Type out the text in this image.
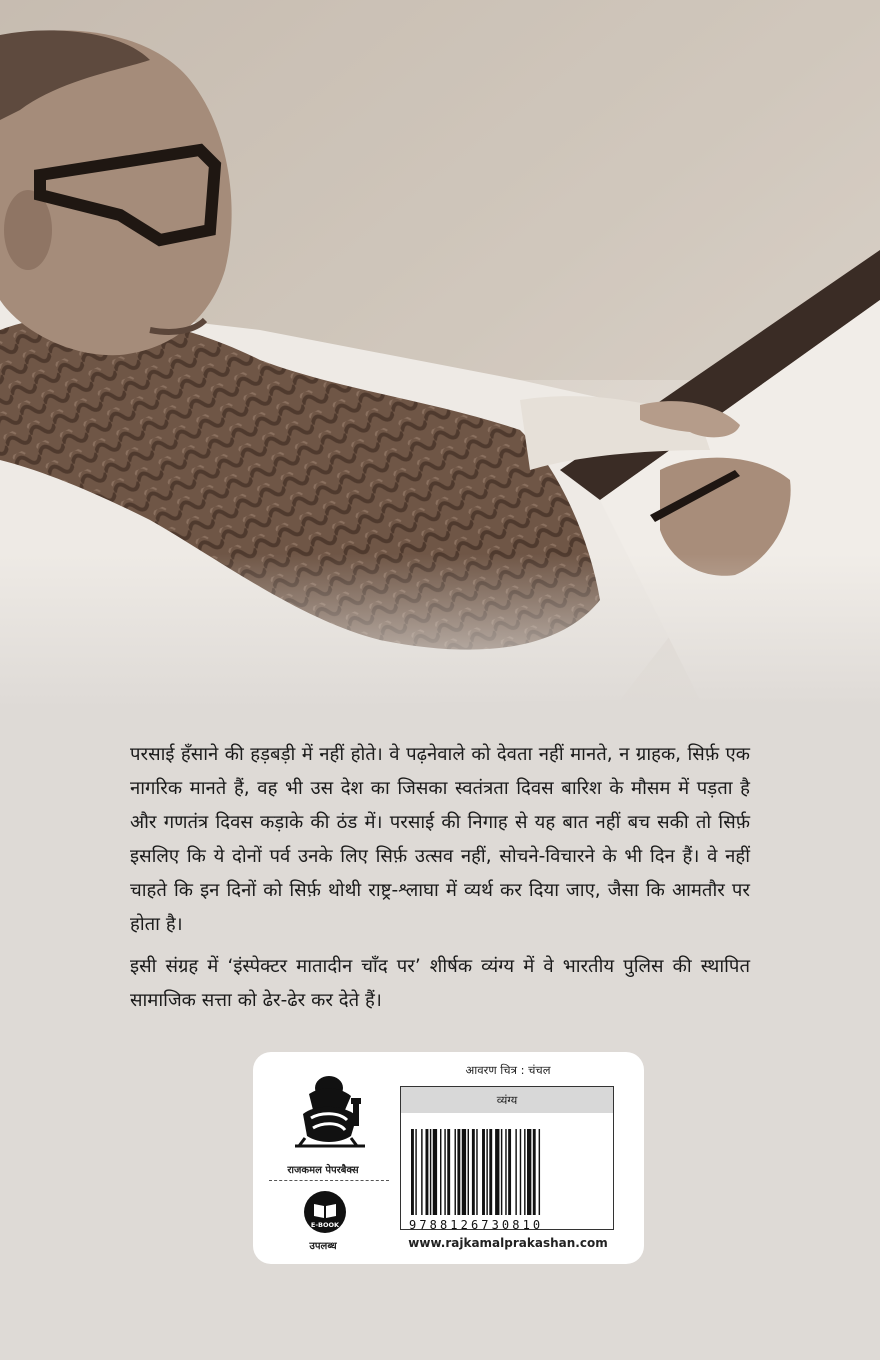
परसाई हँसाने की हड़बड़ी में नहीं होते। वे पढ़नेवाले को देवता नहीं मानते, न ग्राहक, सिर्फ़ एक नागरिक मानते हैं, वह भी उस देश का जिसका स्वतंत्रता दिवस बारिश के मौसम में पड़ता है और गणतंत्र दिवस कड़ाके की ठंड में। परसाई की निगाह से यह बात नहीं बच सकी तो सिर्फ़ इसलिए कि ये दोनों पर्व उनके लिए सिर्फ़ उत्सव नहीं, सोचने-विचारने के भी दिन हैं। वे नहीं चाहते कि इन दिनों को सिर्फ़ थोथी राष्ट्र-श्लाघा में व्यर्थ कर दिया जाए, जैसा कि आमतौर पर होता है।

इसी संग्रह में ‘इंस्पेक्टर मातादीन चाँद पर’ शीर्षक व्यंग्य में वे भारतीय पुलिस की स्थापित सामाजिक सत्ता को ढेर-ढेर कर देते हैं।

राजकमल पेपरबैक्स
E-BOOK
उपलब्ध
आवरण चित्र : चंचल
व्यंग्य
9788126730810
www.rajkamalprakashan.com
